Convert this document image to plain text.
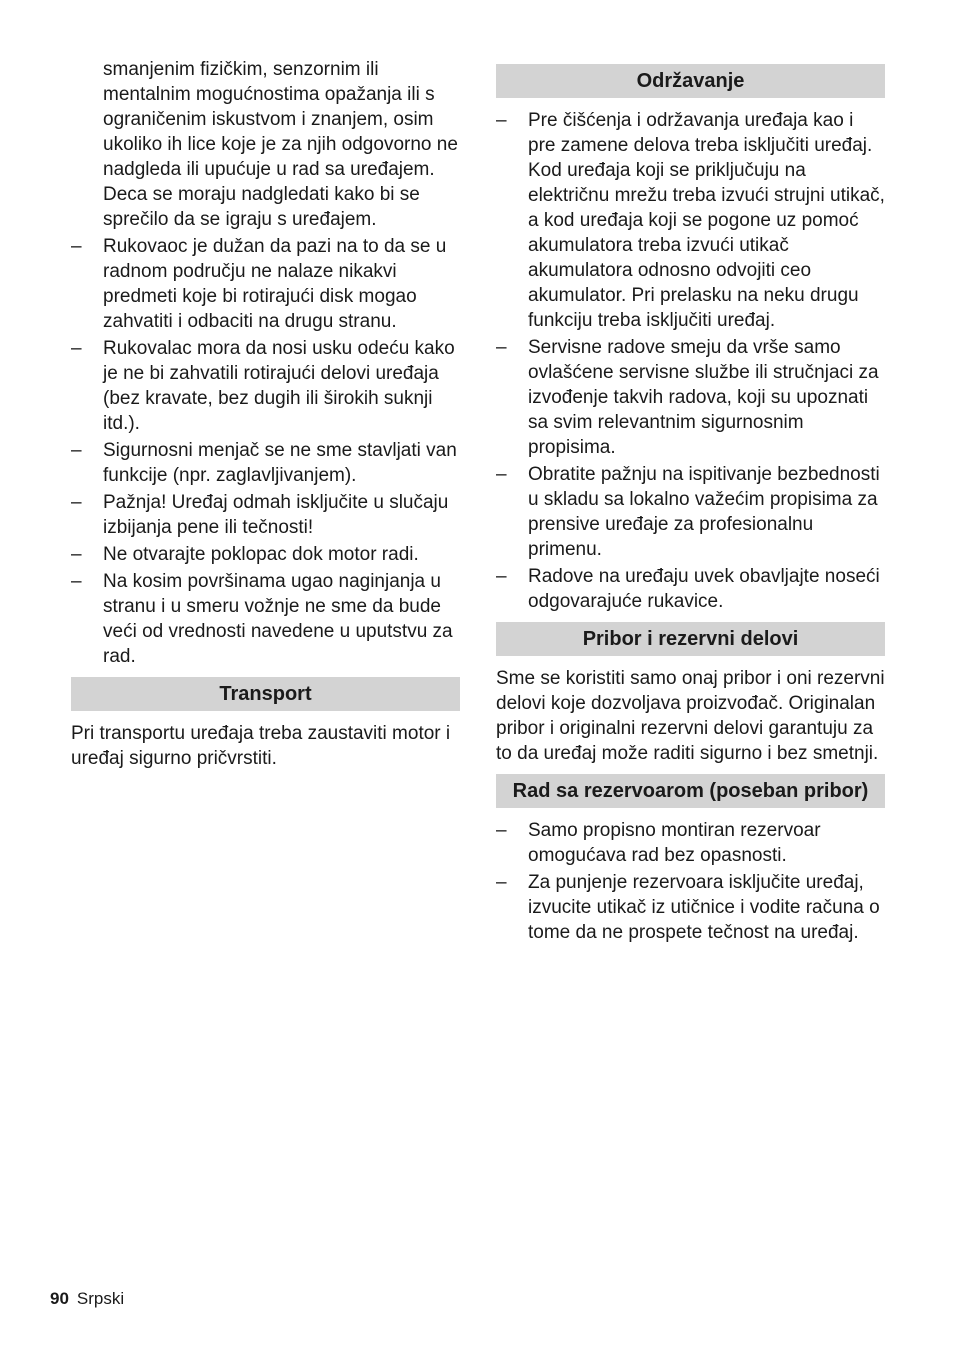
smanjenim fizičkim, senzornim ili mentalnim mogućnostima opažanja ili s ograničenim iskustvom i znanjem, osim ukoliko ih lice koje je za njih odgovorno ne nadgleda ili upućuje u rad sa uređajem. Deca se moraju nadgledati kako bi se sprečilo da se igraju s uređajem.
–	Rukovaoc je dužan da pazi na to da se u radnom području ne nalaze nikakvi predmeti koje bi rotirajući disk mogao zahvatiti i odbaciti na drugu stranu.
–	Rukovalac mora da nosi usku odeću kako je ne bi zahvatili rotirajući delovi uređaja (bez kravate, bez dugih ili širokih suknji itd.).
–	Sigurnosni menjač se ne sme stavljati van funkcije (npr. zaglavljivanjem).
–	Pažnja! Uređaj odmah isključite u slučaju izbijanja pene ili tečnosti!
–	Ne otvarajte poklopac dok motor radi.
–	Na kosim površinama ugao naginjanja u stranu i u smeru vožnje ne sme da bude veći od vrednosti navedene u uputstvu za rad.
Transport

Pri transportu uređaja treba zaustaviti motor i uređaj sigurno pričvrstiti.

Održavanje
–	Pre čišćenja i održavanja uređaja kao i pre zamene delova treba isključiti uređaj. Kod uređaja koji se priključuju na električnu mrežu treba izvući strujni utikač, a kod uređaja koji se pogone uz pomoć akumulatora treba izvući utikač akumulatora odnosno odvojiti ceo akumulator. Pri prelasku na neku drugu funkciju treba isključiti uređaj.
–	Servisne radove smeju da vrše samo ovlašćene servisne službe ili stručnjaci za izvođenje takvih radova, koji su upoznati sa svim relevantnim sigurnosnim propisima.
–	Obratite pažnju na ispitivanje bezbednosti u skladu sa lokalno važećim propisima za prensive uređaje za profesionalnu primenu.
–	Radove na uređaju uvek obavljajte noseći odgovarajuće rukavice.
Pribor i rezervni delovi

Sme se koristiti samo onaj pribor i oni rezervni delovi koje dozvoljava proizvođač. Originalan pribor i originalni rezervni delovi garantuju za to da uređaj može raditi sigurno i bez smetnji.

Rad sa rezervoarom (poseban pribor)
–	Samo propisno montiran rezervoar omogućava rad bez opasnosti.
–	Za punjenje rezervoara isključite uređaj, izvucite utikač iz utičnice i vodite računa o tome da ne prospete tečnost na uređaj.
90 Srpski
